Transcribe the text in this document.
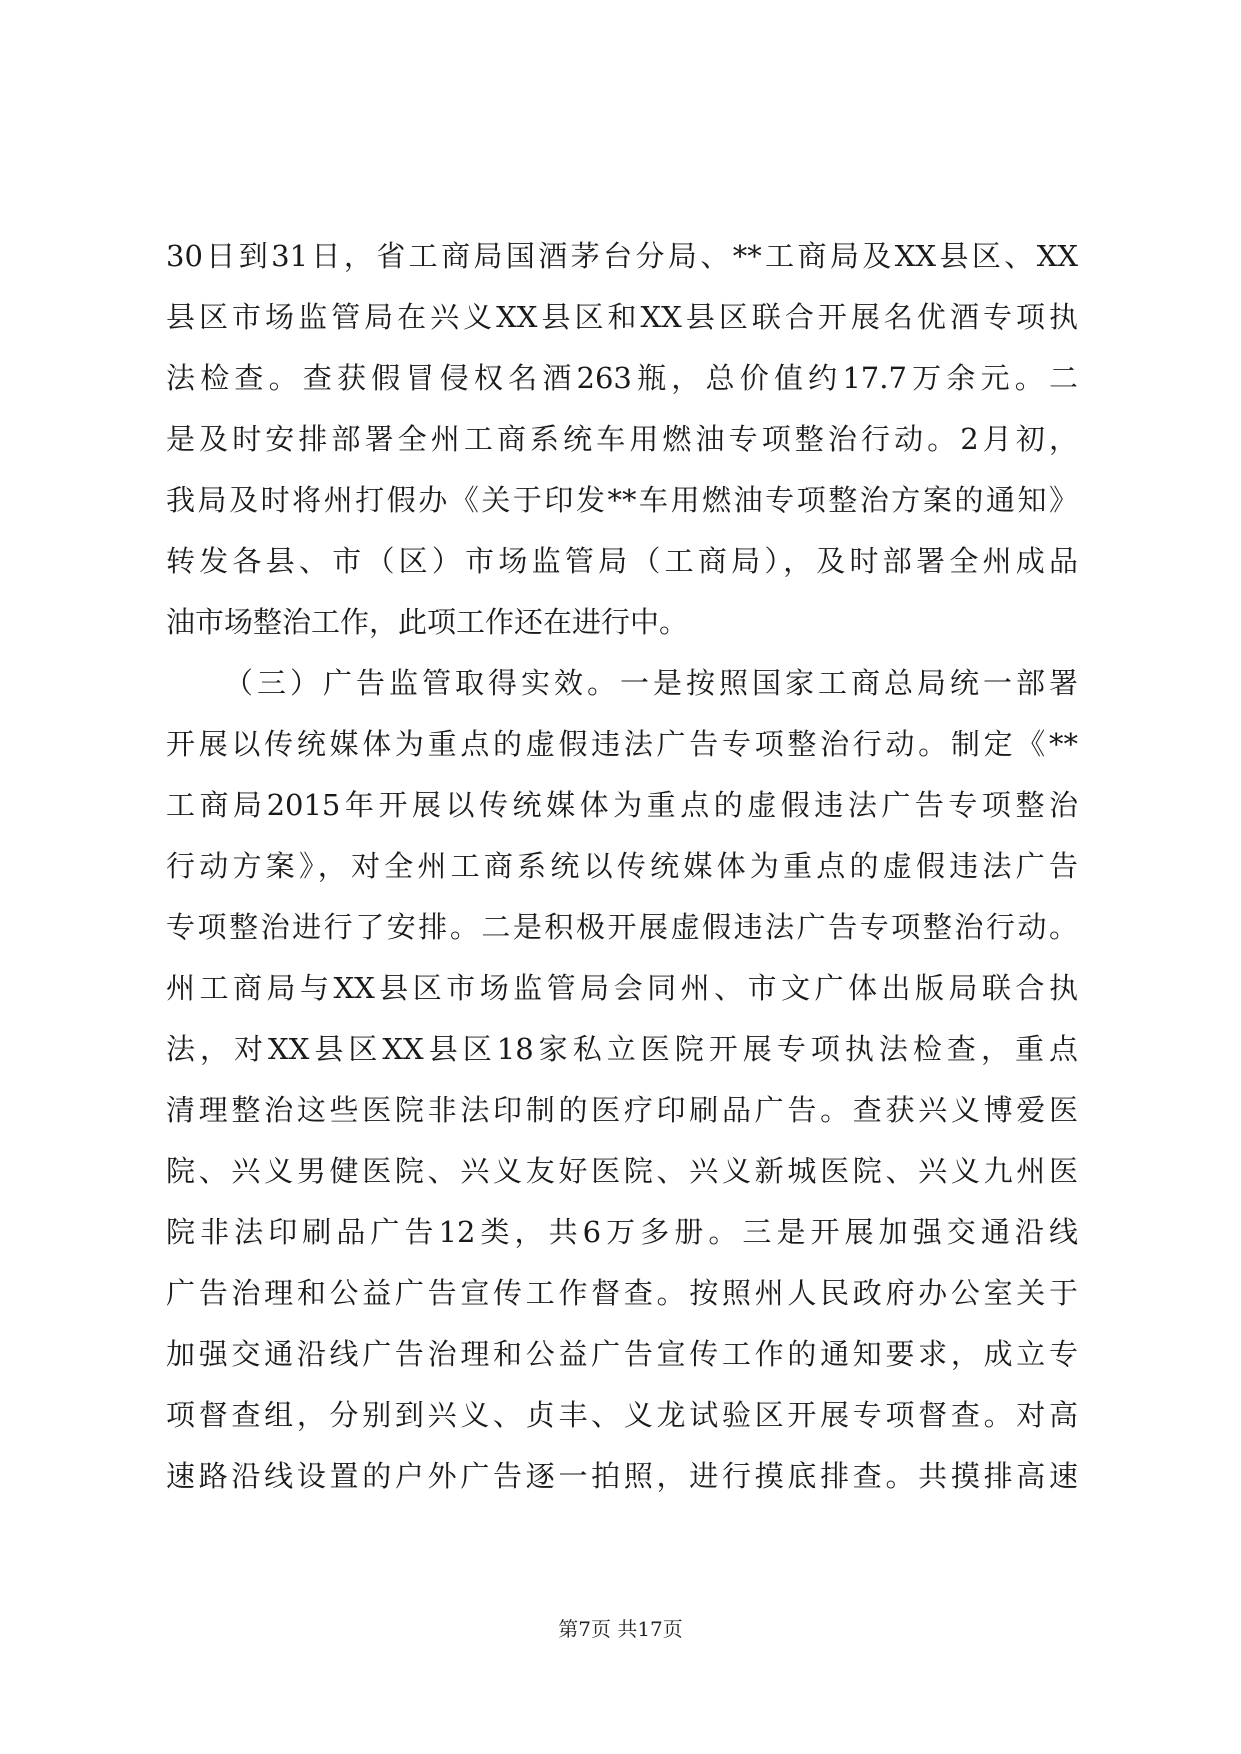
30日到31日，省工商局国酒茅台分局、**工商局及XX县区、XX
县区市场监管局在兴义XX县区和XX县区联合开展名优酒专项执
法检查。查获假冒侵权名酒263瓶，总价值约17.7万余元。二
是及时安排部署全州工商系统车用燃油专项整治行动。2月初，
我局及时将州打假办《关于印发**车用燃油专项整治方案的通知》
转发各县、市（区）市场监管局（工商局），及时部署全州成品
油市场整治工作，此项工作还在进行中。
（三）广告监管取得实效。一是按照国家工商总局统一部署
开展以传统媒体为重点的虚假违法广告专项整治行动。制定《**
工商局2015年开展以传统媒体为重点的虚假违法广告专项整治
行动方案》，对全州工商系统以传统媒体为重点的虚假违法广告
专项整治进行了安排。二是积极开展虚假违法广告专项整治行动。
州工商局与XX县区市场监管局会同州、市文广体出版局联合执
法，对XX县区XX县区18家私立医院开展专项执法检查，重点
清理整治这些医院非法印制的医疗印刷品广告。查获兴义博爱医
院、兴义男健医院、兴义友好医院、兴义新城医院、兴义九州医
院非法印刷品广告12类，共6万多册。三是开展加强交通沿线
广告治理和公益广告宣传工作督查。按照州人民政府办公室关于
加强交通沿线广告治理和公益广告宣传工作的通知要求，成立专
项督查组，分别到兴义、贞丰、义龙试验区开展专项督查。对高
速路沿线设置的户外广告逐一拍照，进行摸底排查。共摸排高速
第7页 共17页
